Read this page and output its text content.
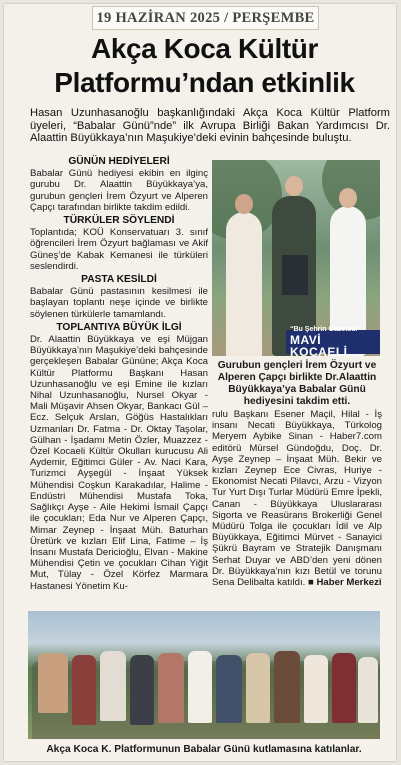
19 HAZİRAN 2025 / PERŞEMBE
Akça Koca Kültür Platformu’ndan etkinlik
Hasan Uzunhasanoğlu başkanlığındaki Akça Koca Kültür Platform üyeleri, “Babalar Günü”nde” ilk Avrupa Birliği Bakan Yardımcısı Dr. Alaattin Büyükkaya’nın Maşukiye’deki evinin bahçesinde buluştu.
GÜNÜN HEDİYELERİ

Babalar Günü hediyesi ekibin en ilginç gurubu Dr. Alaattin Büyükkaya’ya, gurubun gençleri İrem Özyurt ve Alperen Çapçı tarafından birlikte takdim edildi.

TÜRKÜLER SÖYLENDİ

Toplantıda; KOÜ Konservatuarı 3. sınıf öğrencileri İrem Özyurt bağlaması ve Akif Güneş’de Kabak Kemanesi ile türküleri seslendirdi.

PASTA KESİLDİ

Babalar Günü pastasının kesilmesi ile başlayan toplantı neşe içinde ve birlikte söylenen türkülerle tamamlandı.

TOPLANTIYA BÜYÜK İLGİ

Dr. Alaattin Büyükkaya ve eşi Müjgan Büyükkaya’nın Maşukiye’deki bahçesinde gerçekleşen Babalar Gününe; Akça Koca Kültür Platformu Başkanı Hasan Uzunhasanoğlu ve eşi Emine ile kızları Nihal Uzunhasanoğlu, Nursel Okyar - Mali Müşavir Ahsen Okyar, Bankacı Gül – Ecz. Selçuk Arslan, Göğüs Hastalıkları Uzmanları Dr. Fatma - Dr. Oktay Taşolar, Gülhan - İşadamı Metin Özler, Muazzez - Özel Kocaeli Kültür Okulları kurucusu Ali Aydemir, Eğitimci Güler - Av. Naci Kara, Turizmci Ayşegül - İnşaat Yüksek Mühendisi Coşkun Karakadılar, Halime - Endüstri Mühendisi Mustafa Toka, Sağlıkçı Ayşe - Aile Hekimi İsmail Çapçı ile çocukları; Eda Nur ve Alperen Çapçı, Mimar Zeynep - İnşaat Müh. Baturhan Üretürk ve kızları Elif Lina, Fatime – İş İnsanı Mustafa Dericioğlu, Elvan - Makine Mühendisi Çetin ve çocukları Cihan Yiğit Mut, Tülay - Özel Körfez Marmara Hastanesi Yönetim Ku-

“Bu Şehrin Gazetesi”
MAVİ KOCAELİ
Gurubun gençleri İrem Özyurt ve Alperen Çapçı birlikte Dr.Alaattin Büyükkaya’ya Babalar Günü hediyesini takdim etti.
rulu Başkanı Esener Maçil, Hilal - İş insanı Necati Büyükkaya, Türkolog Meryem Aybike Sinan - Haber7.com editörü Mürsel Gündoğdu, Doç. Dr. Ayşe Zeynep – İnşaat Müh. Bekir ve kızları Zeynep Ece Civras, Huriye - Ekonomist Necati Pilavcı, Arzu - Vizyon Tur Yurt Dışı Turlar Müdürü Emre İpekli, Canan - Büyükkaya Uluslararası Sigorta ve Reasürans Brokerliği Genel Müdürü Tolga ile çocukları İdil ve Alp Büyükkaya, Eğitimci Mürvet - Sanayici Şükrü Bayram ve Stratejik Danışmanı Serhat Duyar ve ABD’den yeni dönen Dr. Büyükkaya’nın kızı Betül ve torunu Sena Delibalta katıldı. ■ Haber Merkezi
Akça Koca K. Platformunun Babalar Günü kutlamasına katılanlar.
